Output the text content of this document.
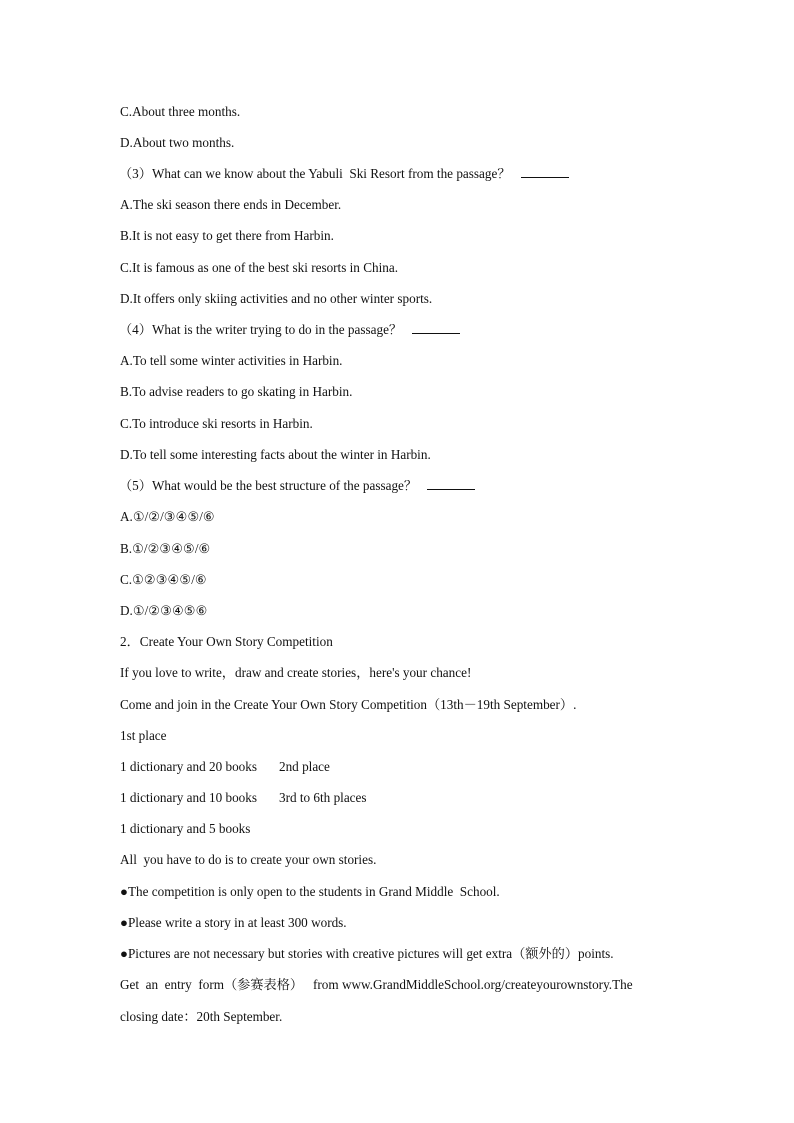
C.About three months.
D.About two months.
（3）What can we know about the Yabuli  Ski Resort from the passage？
A.The ski season there ends in December.
B.It is not easy to get there from Harbin.
C.It is famous as one of the best ski resorts in China.
D.It offers only skiing activities and no other winter sports.
（4）What is the writer trying to do in the passage？
A.To tell some winter activities in Harbin.
B.To advise readers to go skating in Harbin.
C.To introduce ski resorts in Harbin.
D.To tell some interesting facts about the winter in Harbin.
（5）What would be the best structure of the passage？
A.①/②/③④⑤/⑥
B.①/②③④⑤/⑥
C.①②③④⑤/⑥
D.①/②③④⑤⑥
2．Create Your Own Story Competition
If you love to write，draw and create stories，here's your chance!
Come and join in the Create Your Own Story Competition（13th－19th September）.
1st place
1 dictionary and 20 books 2nd place
1 dictionary and 10 books 3rd to 6th places
1 dictionary and 5 books
All  you have to do is to create your own stories.
●The competition is only open to the students in Grand Middle  School.
●Please write a story in at least 300 words.
●Pictures are not necessary but stories with creative pictures will get extra（额外的）points.
Get  an  entry  form（参赛表格）   from www.GrandMiddleSchool.org/createyourownstory.The
closing date：20th September.
